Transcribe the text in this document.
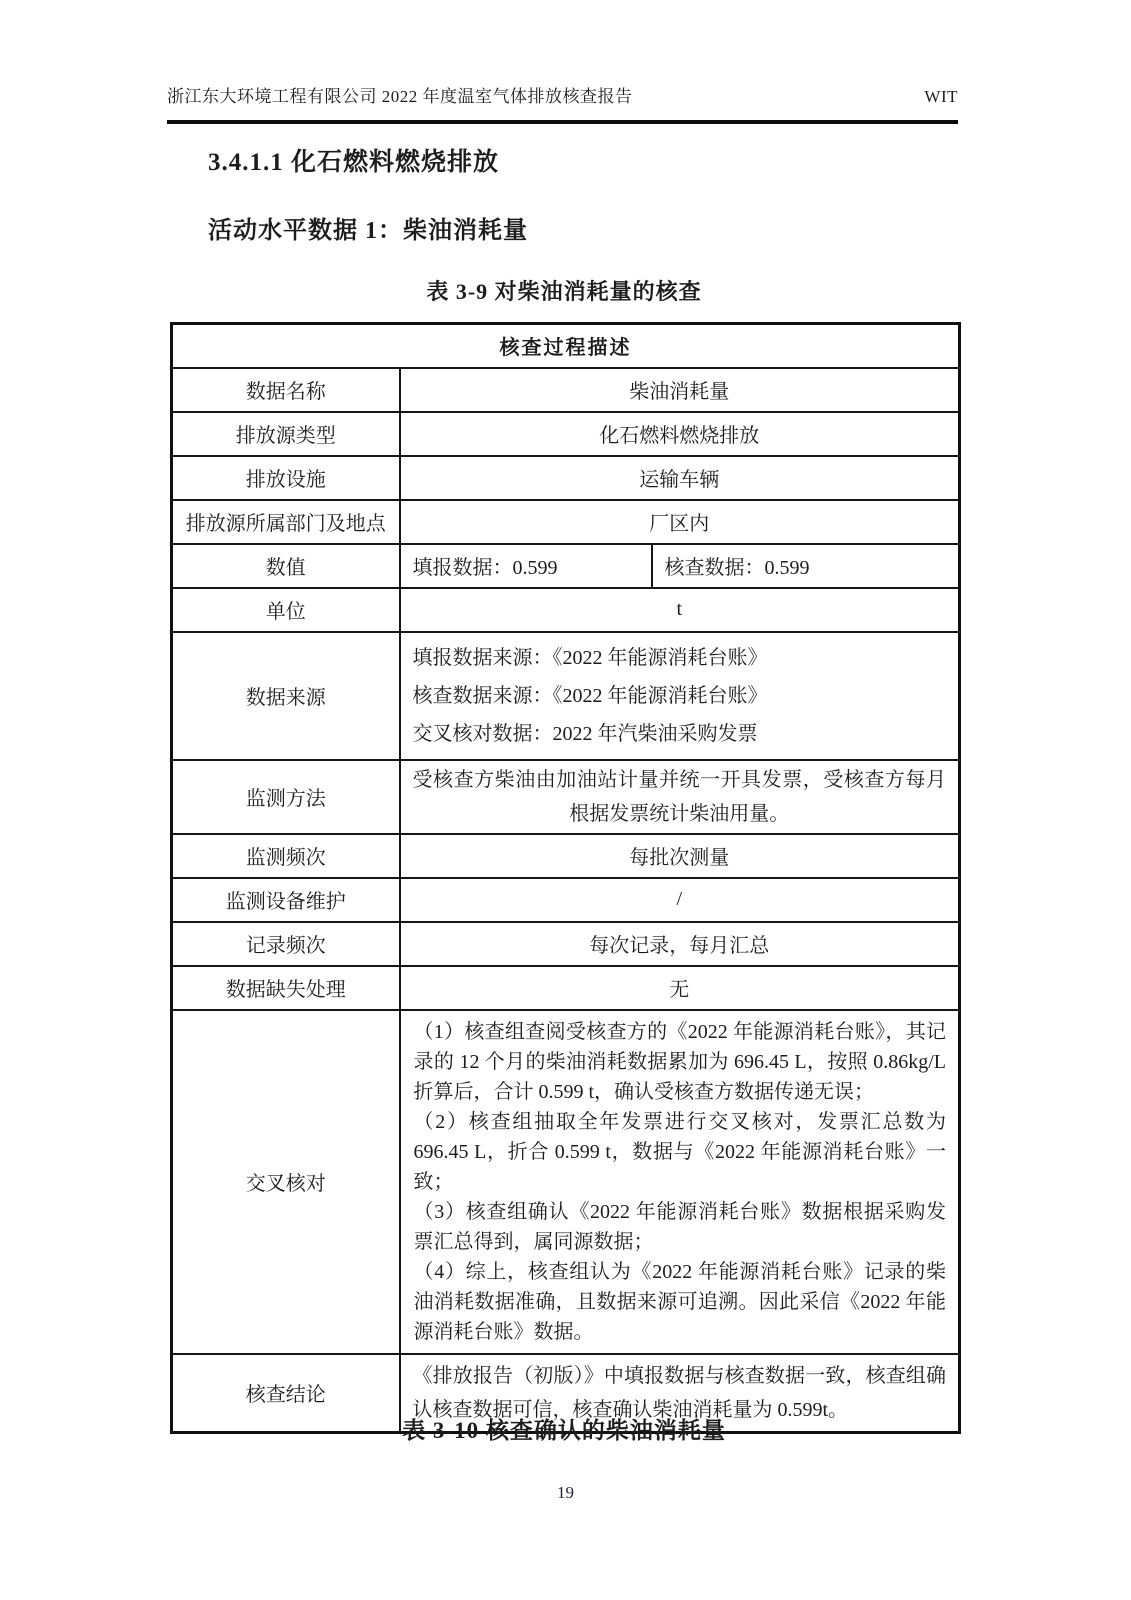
浙江东大环境工程有限公司 2022 年度温室气体排放核查报告	WIT
3.4.1.1 化石燃料燃烧排放
活动水平数据 1：柴油消耗量
表 3-9 对柴油消耗量的核查
核查过程描述		
数据名称	柴油消耗量	
排放源类型	化石燃料燃烧排放	
排放设施	运输车辆	
排放源所属部门及地点	厂区内	
数值	填报数据：0.599	核查数据：0.599
单位	t	
数据来源	填报数据来源：《2022 年能源消耗台账》
核查数据来源：《2022 年能源消耗台账》
交叉核对数据：2022 年汽柴油采购发票	

监测方法	受核查方柴油由加油站计量并统一开具发票，受核查方每月根据发票统计柴油用量。	
监测频次	每批次测量	
监测设备维护	/	
记录频次	每次记录，每月汇总	
数据缺失处理	无	
交叉核对	（1）核查组查阅受核查方的《2022 年能源消耗台账》，其记录的 12 个月的柴油消耗数据累加为 696.45 L，按照 0.86kg/L 折算后，合计 0.599 t，确认受核查方数据传递无误；

（2）核查组抽取全年发票进行交叉核对，发票汇总数为 696.45 L，折合 0.599 t，数据与《2022 年能源消耗台账》一致；

（3）核查组确认《2022 年能源消耗台账》数据根据采购发票汇总得到，属同源数据；

（4）综上，核查组认为《2022 年能源消耗台账》记录的柴油消耗数据准确，且数据来源可追溯。因此采信《2022 年能源消耗台账》数据。	

核查结论	《排放报告（初版）》中填报数据与核查数据一致，核查组确认核查数据可信，核查确认柴油消耗量为 0.599t。	
表 3-10 核查确认的柴油消耗量
19
